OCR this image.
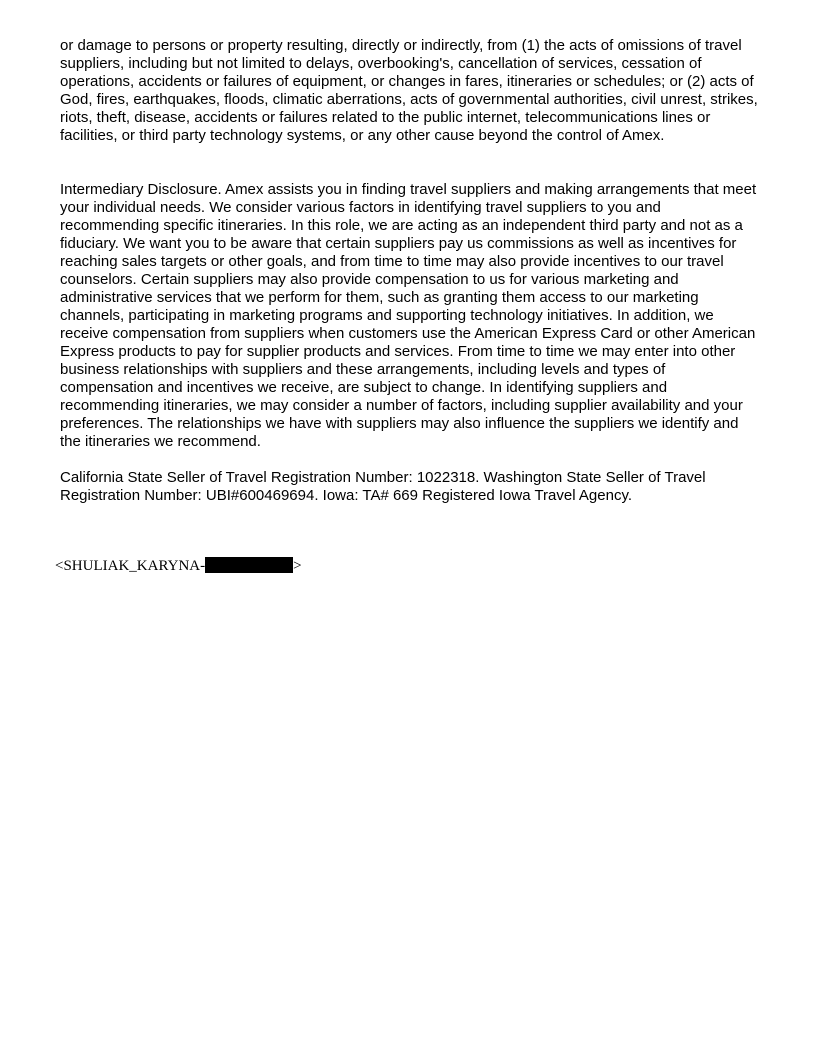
or damage to persons or property resulting, directly or indirectly, from (1) the acts of omissions of travel suppliers, including but not limited to delays, overbooking's, cancellation of services, cessation of operations, accidents or failures of equipment, or changes in fares, itineraries or schedules; or (2) acts of God, fires, earthquakes, floods, climatic aberrations, acts of governmental authorities, civil unrest, strikes, riots, theft, disease, accidents or failures related to the public internet, telecommunications lines or facilities, or third party technology systems, or any other cause beyond the control of Amex.

Intermediary Disclosure. Amex assists you in finding travel suppliers and making arrangements that meet your individual needs. We consider various factors in identifying travel suppliers to you and recommending specific itineraries. In this role, we are acting as an independent third party and not as a fiduciary. We want you to be aware that certain suppliers pay us commissions as well as incentives for reaching sales targets or other goals, and from time to time may also provide incentives to our travel counselors. Certain suppliers may also provide compensation to us for various marketing and administrative services that we perform for them, such as granting them access to our marketing channels, participating in marketing programs and supporting technology initiatives. In addition, we receive compensation from suppliers when customers use the American Express Card or other American Express products to pay for supplier products and services. From time to time we may enter into other business relationships with suppliers and these arrangements, including levels and types of compensation and incentives we receive, are subject to change. In identifying suppliers and recommending itineraries, we may consider a number of factors, including supplier availability and your preferences. The relationships we have with suppliers may also influence the suppliers we identify and the itineraries we recommend.

California State Seller of Travel Registration Number: 1022318. Washington State Seller of Travel Registration Number: UBI#600469694. Iowa: TA# 669 Registered Iowa Travel Agency.

<SHULIAK_KARYNA-	>
